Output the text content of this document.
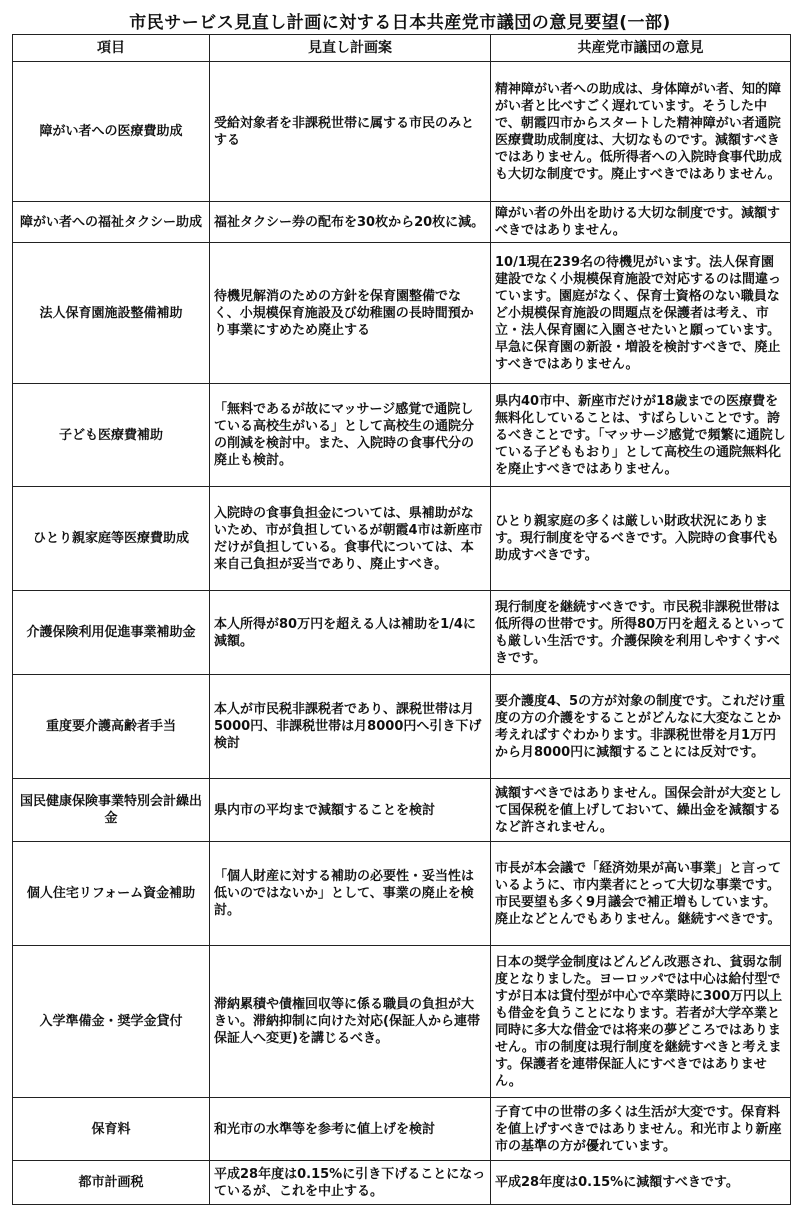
市民サービス見直し計画に対する日本共産党市議団の意見要望(一部)
項目	見直し計画案	共産党市議団の意見
障がい者への医療費助成	受給対象者を非課税世帯に属する市民のみとする	精神障がい者への助成は、身体障がい者、知的障がい者と比べすごく遅れています。そうした中で、朝霞四市からスタートした精神障がい者通院医療費助成制度は、大切なものです。減額すべきではありません。低所得者への入院時食事代助成も大切な制度です。廃止すべきではありません。
障がい者への福祉タクシー助成	福祉タクシー券の配布を30枚から20枚に減。	障がい者の外出を助ける大切な制度です。減額すべきではありません。
法人保育園施設整備補助	待機児解消のための方針を保育園整備でなく、小規模保育施設及び幼稚園の長時間預かり事業にすめため廃止する	10/1現在239名の待機児がいます。法人保育園建設でなく小規模保育施設で対応するのは間違っています。園庭がなく、保育士資格のない職員など小規模保育施設の問題点を保護者は考え、市立・法人保育園に入園させたいと願っています。早急に保育園の新設・増設を検討すべきで、廃止すべきではありません。
子ども医療費補助	「無料であるが故にマッサージ感覚で通院している高校生がいる」として高校生の通院分の削減を検討中。また、入院時の食事代分の廃止も検討。	県内40市中、新座市だけが18歳までの医療費を無料化していることは、すばらしいことです。誇るべきことです。「マッサージ感覚で頻繁に通院している子どももおり」として高校生の通院無料化を廃止すべきではありません。
ひとり親家庭等医療費助成	入院時の食事負担金については、県補助がないため、市が負担しているが朝霞4市は新座市だけが負担している。食事代については、本来自己負担が妥当であり、廃止すべき。	ひとり親家庭の多くは厳しい財政状況にあります。現行制度を守るべきです。入院時の食事代も助成すべきです。
介護保険利用促進事業補助金	本人所得が80万円を超える人は補助を1/4に減額。	現行制度を継続すべきです。市民税非課税世帯は低所得の世帯です。所得80万円を超えるといっても厳しい生活です。介護保険を利用しやすくすべきです。
重度要介護高齢者手当	本人が市民税非課税者であり、課税世帯は月5000円、非課税世帯は月8000円へ引き下げ検討	要介護度4、5の方が対象の制度です。これだけ重度の方の介護をすることがどんなに大変なことか考えればすぐわかります。非課税世帯を月1万円から月8000円に減額することには反対です。
国民健康保険事業特別会計繰出金	県内市の平均まで減額することを検討	減額すべきではありません。国保会計が大変として国保税を値上げしておいて、繰出金を減額するなど許されません。
個人住宅リフォーム資金補助	「個人財産に対する補助の必要性・妥当性は低いのではないか」として、事業の廃止を検討。	市長が本会議で「経済効果が高い事業」と言っているように、市内業者にとって大切な事業です。市民要望も多く9月議会で補正増もしています。廃止などとんでもありません。継続すべきです。
入学準備金・奨学金貸付	滞納累積や債権回収等に係る職員の負担が大きい。滞納抑制に向けた対応(保証人から連帯保証人へ変更)を講じるべき。	日本の奨学金制度はどんどん改悪され、貧弱な制度となりました。ヨーロッパでは中心は給付型ですが日本は貸付型が中心で卒業時に300万円以上も借金を負うことになります。若者が大学卒業と同時に多大な借金では将来の夢どころではありません。市の制度は現行制度を継続すべきと考えます。保護者を連帯保証人にすべきではありません。
保育料	和光市の水準等を参考に値上げを検討	子育て中の世帯の多くは生活が大変です。保育料を値上げすべきではありません。和光市より新座市の基準の方が優れています。
都市計画税	平成28年度は0.15%に引き下げることになっているが、これを中止する。	平成28年度は0.15%に減額すべきです。
